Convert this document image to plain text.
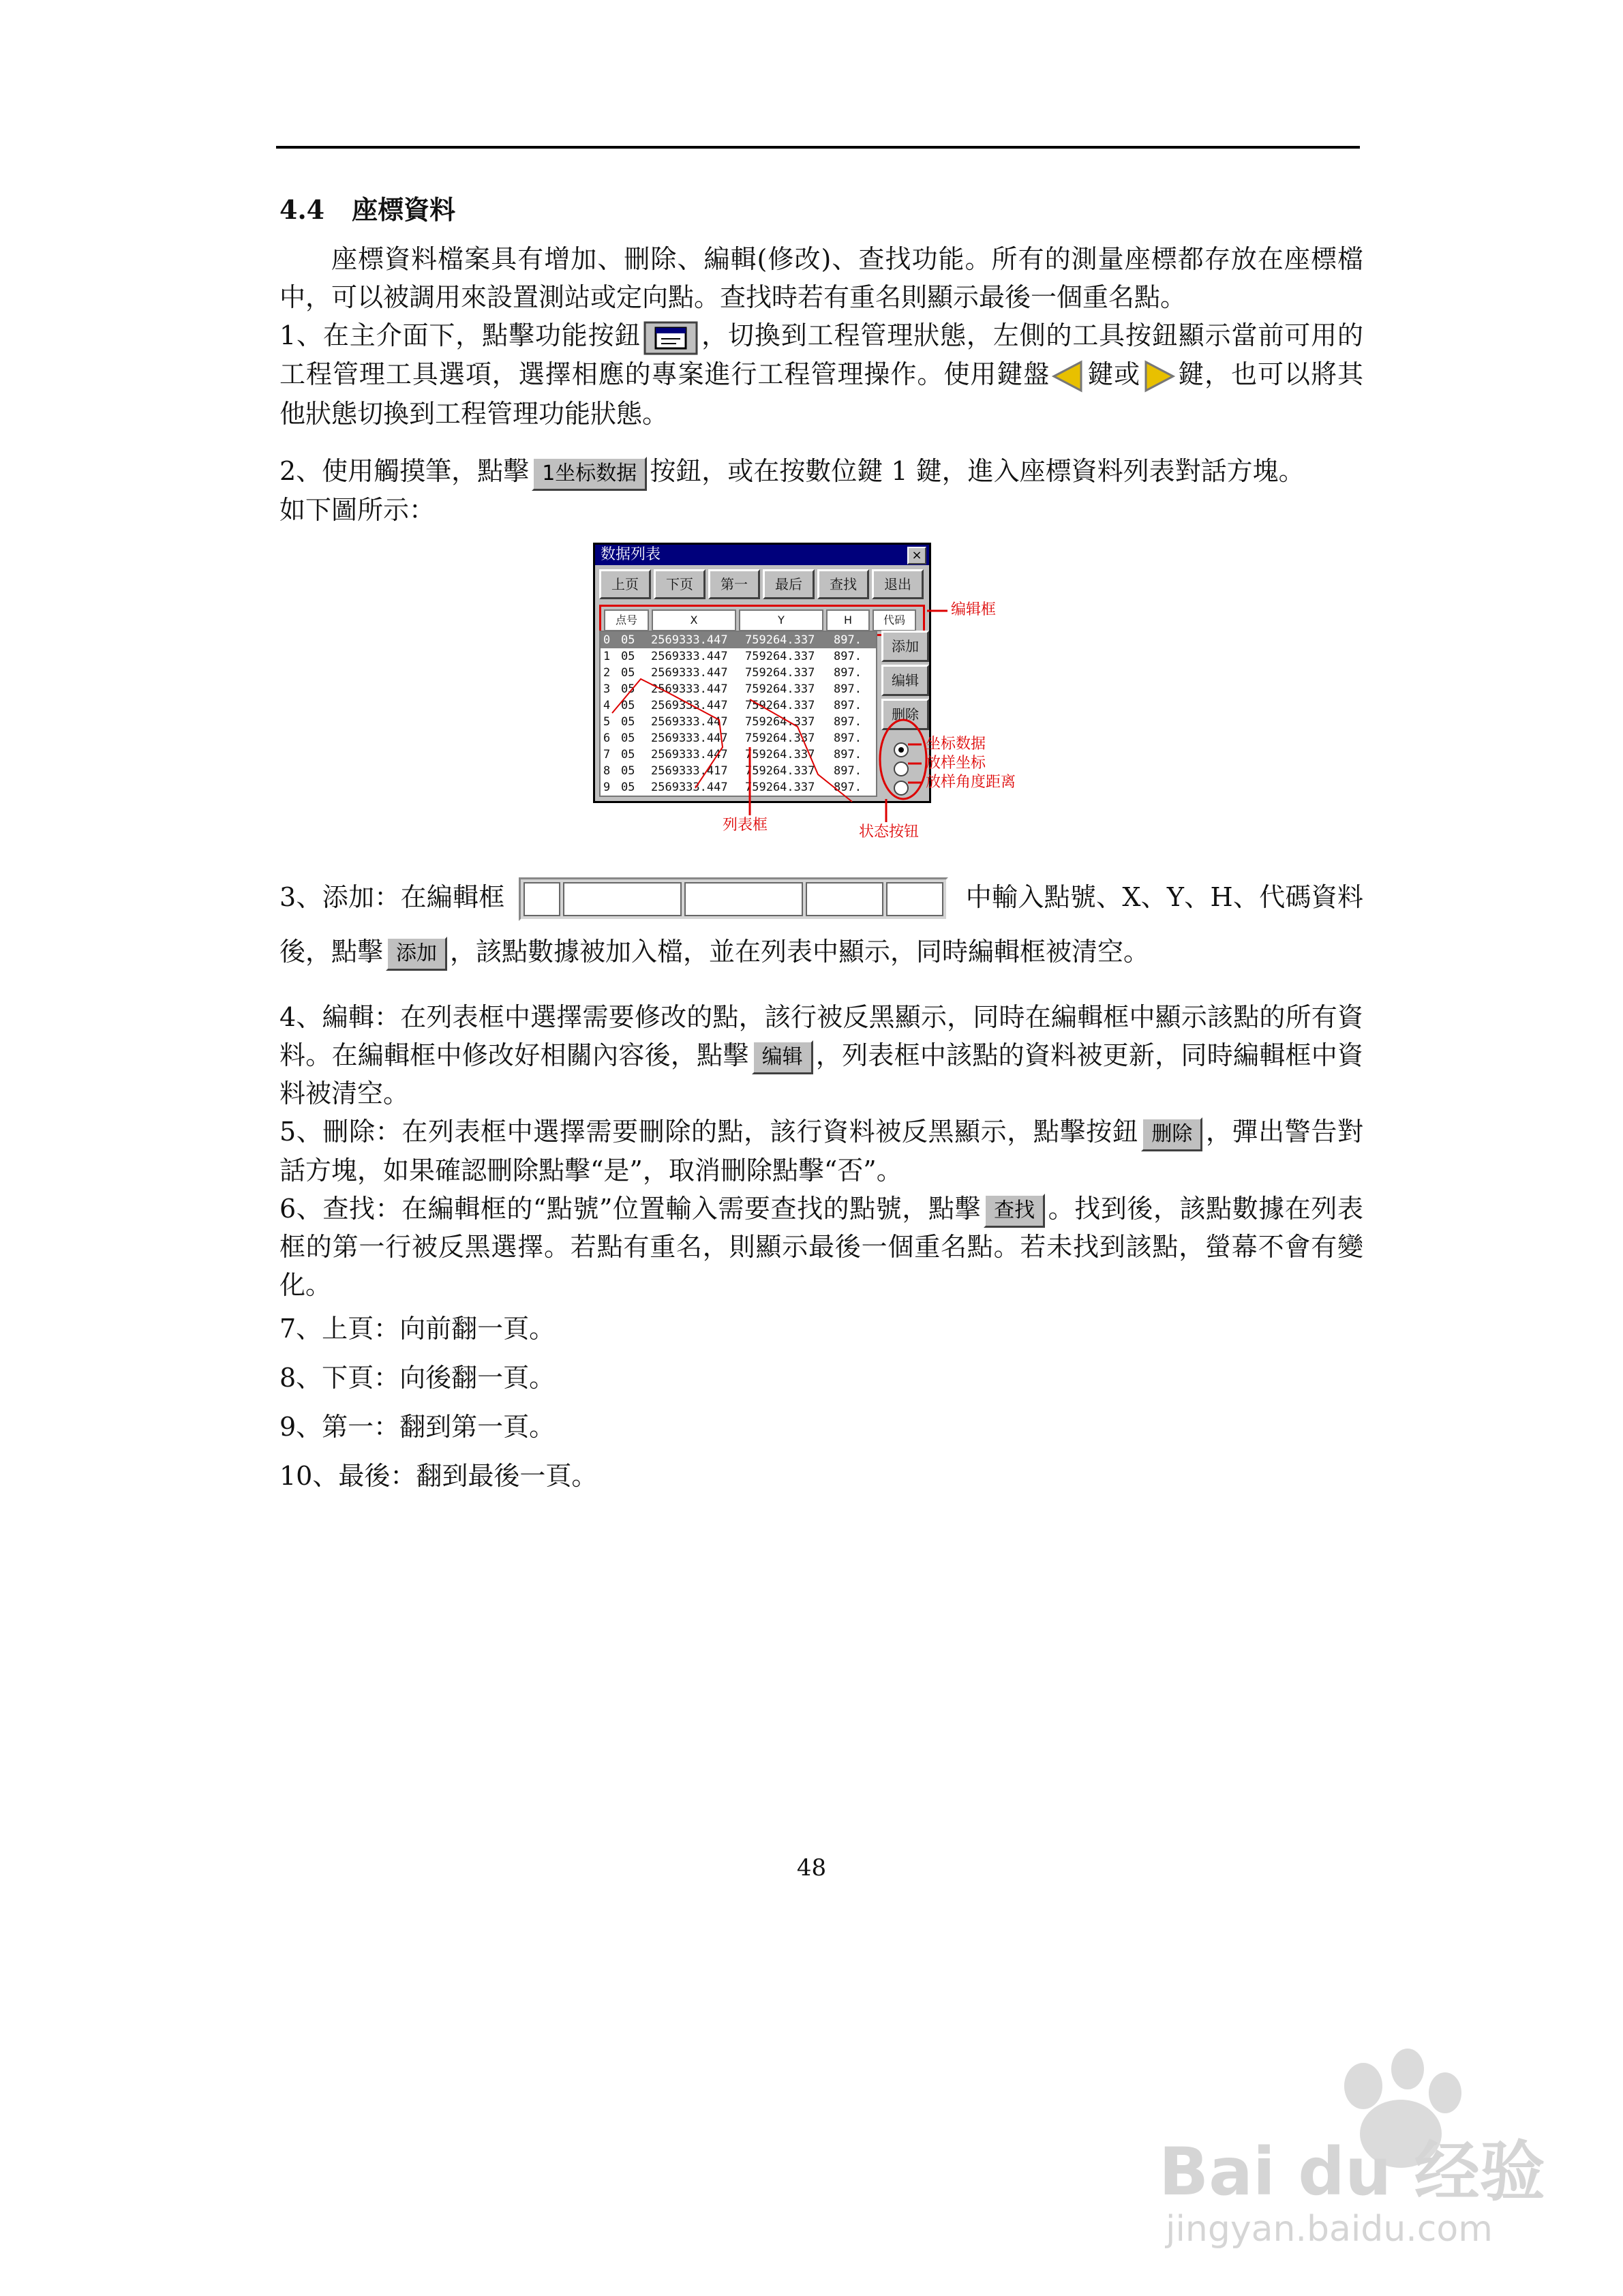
4.4 座標資料

座標資料檔案具有增加、刪除、編輯(修改)、查找功能。所有的測量座標都存放在座標檔中，可以被調用來設置測站或定向點。查找時若有重名則顯示最後一個重名點。

1、在主介面下，點擊功能按鈕 ，切換到工程管理狀態，左側的工具按鈕顯示當前可用的工程管理工具選項，選擇相應的專案進行工程管理操作。使用鍵盤 鍵或 鍵，也可以將其他狀態切換到工程管理功能狀態。

2、使用觸摸筆，點擊 1坐标数据 按鈕，或在按數位鍵 1 鍵，進入座標資料列表對話方塊。

如下圖所示：

数据列表	×
上页	下页	第一	最后	查找	退出
点号	X	Y	H	代码
0 05 2569333.447 759264.337 897.
1 05 2569333.447 759264.337 897.
2 05 2569333.447 759264.337 897.
3 05 2569333.447 759264.337 897.
4 05 2569333.447 759264.337 897.
5 05 2569333.447 759264.337 897.
6 05 2569333.447 759264.337 897.
7 05 2569333.447 759264.337 897.
8 05 2569333.417 759264.337 897.
9 05 2569333.447 759264.337 897.
添加
编辑
删除
编辑框
坐标数据
放样坐标
放样角度距离
列表框	状态按钮

3、添加：在編輯框	中輸入點號、X、Y、H、代碼資料後，點擊 添加 ，該點數據被加入檔，並在列表中顯示，同時編輯框被清空。

4、編輯：在列表框中選擇需要修改的點，該行被反黑顯示，同時在編輯框中顯示該點的所有資料。在編輯框中修改好相關內容後，點擊 编辑 ，列表框中該點的資料被更新，同時編輯框中資料被清空。

5、刪除：在列表框中選擇需要刪除的點，該行資料被反黑顯示，點擊按鈕 删除 ，彈出警告對話方塊，如果確認刪除點擊“是”，取消刪除點擊“否”。

6、查找：在編輯框的“點號”位置輸入需要查找的點號，點擊 查找 。找到後，該點數據在列表框的第一行被反黑選擇。若點有重名，則顯示最後一個重名點。若未找到該點，螢幕不會有變化。

7、上頁：向前翻一頁。

8、下頁：向後翻一頁。

9、第一：翻到第一頁。

10、最後：翻到最後一頁。

48
Bai du 经验
jingyan.baidu.com
